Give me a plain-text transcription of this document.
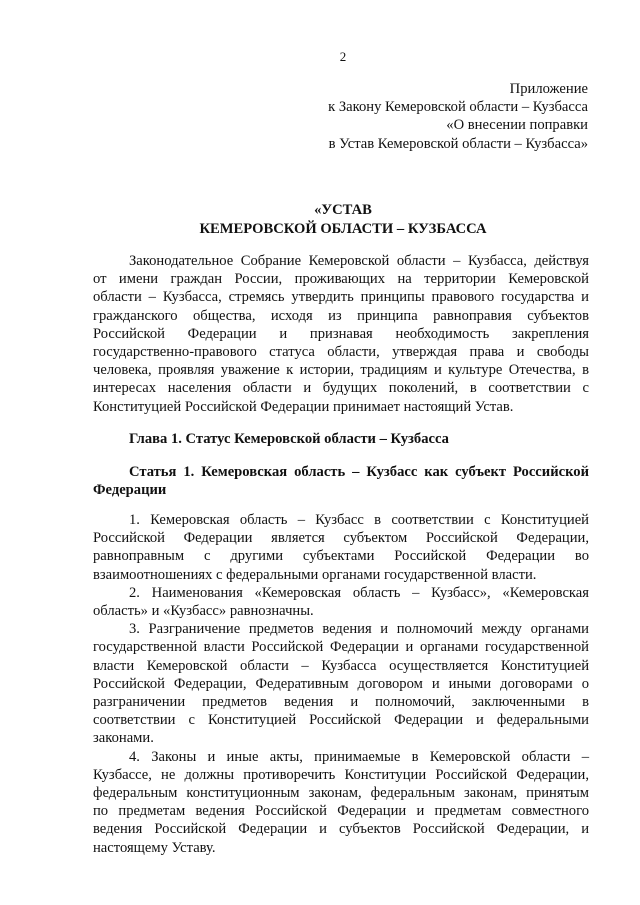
2
Приложение
к Закону Кемеровской области – Кузбасса
«О внесении поправки
в Устав Кемеровской области – Кузбасса»
«УСТАВ
КЕМЕРОВСКОЙ ОБЛАСТИ – КУЗБАССА
Законодательное Собрание Кемеровской области – Кузбасса, действуя
от имени граждан России, проживающих на территории Кемеровской
области – Кузбасса, стремясь утвердить принципы правового государства и
гражданского общества, исходя из принципа равноправия субъектов
Российской Федерации и признавая необходимость закрепления
государственно-правового статуса области, утверждая права и свободы
человека, проявляя уважение к истории, традициям и культуре Отечества, в
интересах населения области и будущих поколений, в соответствии с
Конституцией Российской Федерации принимает настоящий Устав.
Глава 1. Статус Кемеровской области – Кузбасса
Статья 1. Кемеровская область – Кузбасс как субъект Российской
Федерации
1. Кемеровская область – Кузбасс в соответствии с Конституцией
Российской Федерации является субъектом Российской Федерации,
равноправным с другими субъектами Российской Федерации во
взаимоотношениях с федеральными органами государственной власти.
2. Наименования «Кемеровская область – Кузбасс», «Кемеровская
область» и «Кузбасс» равнозначны.
3. Разграничение предметов ведения и полномочий между органами
государственной власти Российской Федерации и органами государственной
власти Кемеровской области – Кузбасса осуществляется Конституцией
Российской Федерации, Федеративным договором и иными договорами о
разграничении предметов ведения и полномочий, заключенными в
соответствии с Конституцией Российской Федерации и федеральными
законами.
4. Законы и иные акты, принимаемые в Кемеровской области –
Кузбассе, не должны противоречить Конституции Российской Федерации,
федеральным конституционным законам, федеральным законам, принятым
по предметам ведения Российской Федерации и предметам совместного
ведения Российской Федерации и субъектов Российской Федерации, и
настоящему Уставу.
